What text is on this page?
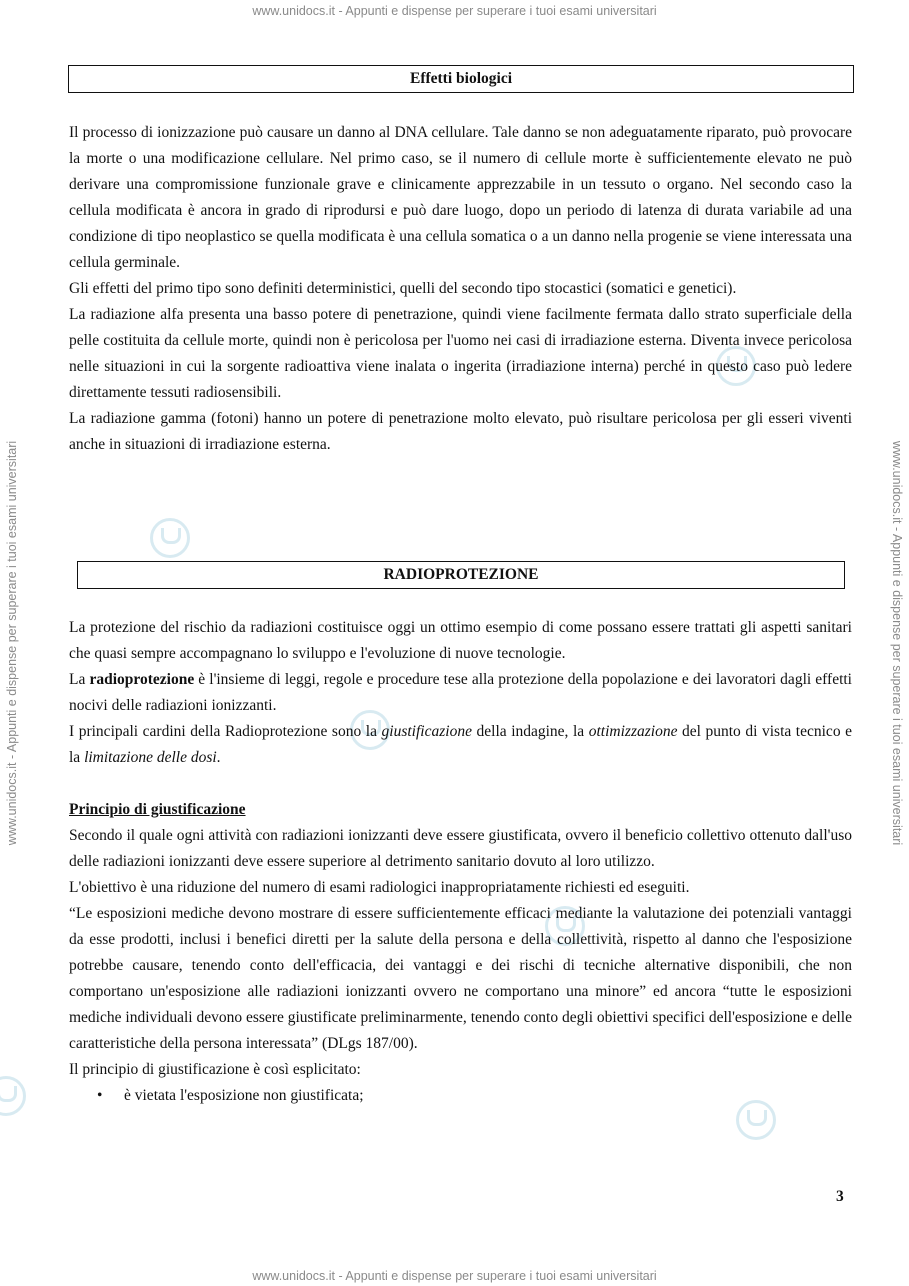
www.unidocs.it - Appunti e dispense per superare i tuoi esami universitari
www.unidocs.it - Appunti e dispense per superare i tuoi esami universitari
www.unidocs.it - Appunti e dispense per superare i tuoi esami universitari	www.unidocs.it - Appunti e dispense per superare i tuoi esami universitari
Effetti biologici

Il processo di ionizzazione può causare un danno al DNA cellulare. Tale danno se non adeguatamente riparato, può provocare la morte o una modificazione cellulare. Nel primo caso, se il numero di cellule morte è sufficientemente elevato ne può derivare una compromissione funzionale grave e clinicamente apprezzabile in un tessuto o organo. Nel secondo caso la cellula modificata è ancora in grado di riprodursi e può dare luogo, dopo un periodo di latenza di durata variabile ad una condizione di tipo neoplastico se quella modificata è una cellula somatica o a un danno nella progenie se viene interessata una cellula germinale.

Gli effetti del primo tipo sono definiti deterministici, quelli del secondo tipo stocastici (somatici e genetici).

La radiazione alfa presenta una basso potere di penetrazione, quindi viene facilmente fermata dallo strato superficiale della pelle costituita da cellule morte, quindi non è pericolosa per l'uomo nei casi di irradiazione esterna. Diventa invece pericolosa nelle situazioni in cui la sorgente radioattiva viene inalata o ingerita (irradiazione interna) perché in questo caso può ledere direttamente tessuti radiosensibili.

La radiazione gamma (fotoni) hanno un potere di penetrazione molto elevato, può risultare pericolosa per gli esseri viventi anche in situazioni di irradiazione esterna.

RADIOPROTEZIONE

La protezione del rischio da radiazioni costituisce oggi un ottimo esempio di come possano essere trattati gli aspetti sanitari che quasi sempre accompagnano lo sviluppo e l'evoluzione di nuove tecnologie.

La radioprotezione è l'insieme di leggi, regole e procedure tese alla protezione della popolazione e dei lavoratori dagli effetti nocivi delle radiazioni ionizzanti.

I principali cardini della Radioprotezione sono la giustificazione della indagine, la ottimizzazione del punto di vista tecnico e la limitazione delle dosi.

Principio di giustificazione

Secondo il quale ogni attività con radiazioni ionizzanti deve essere giustificata, ovvero il beneficio collettivo ottenuto dall'uso delle radiazioni ionizzanti deve essere superiore al detrimento sanitario dovuto al loro utilizzo.

L'obiettivo è una riduzione del numero di esami radiologici inappropriatamente richiesti ed eseguiti.

“Le esposizioni mediche devono mostrare di essere sufficientemente efficaci mediante la valutazione dei potenziali vantaggi da esse prodotti, inclusi i benefici diretti per la salute della persona e della collettività, rispetto al danno che l'esposizione potrebbe causare, tenendo conto dell'efficacia, dei vantaggi e dei rischi di tecniche alternative disponibili, che non comportano un'esposizione alle radiazioni ionizzanti ovvero ne comportano una minore” ed ancora “tutte le esposizioni mediche individuali devono essere giustificate preliminarmente, tenendo conto degli obiettivi specifici dell'esposizione e delle caratteristiche della persona interessata” (DLgs 187/00).

Il principio di giustificazione è così esplicitato:

• è vietata l'esposizione non giustificata;
3
